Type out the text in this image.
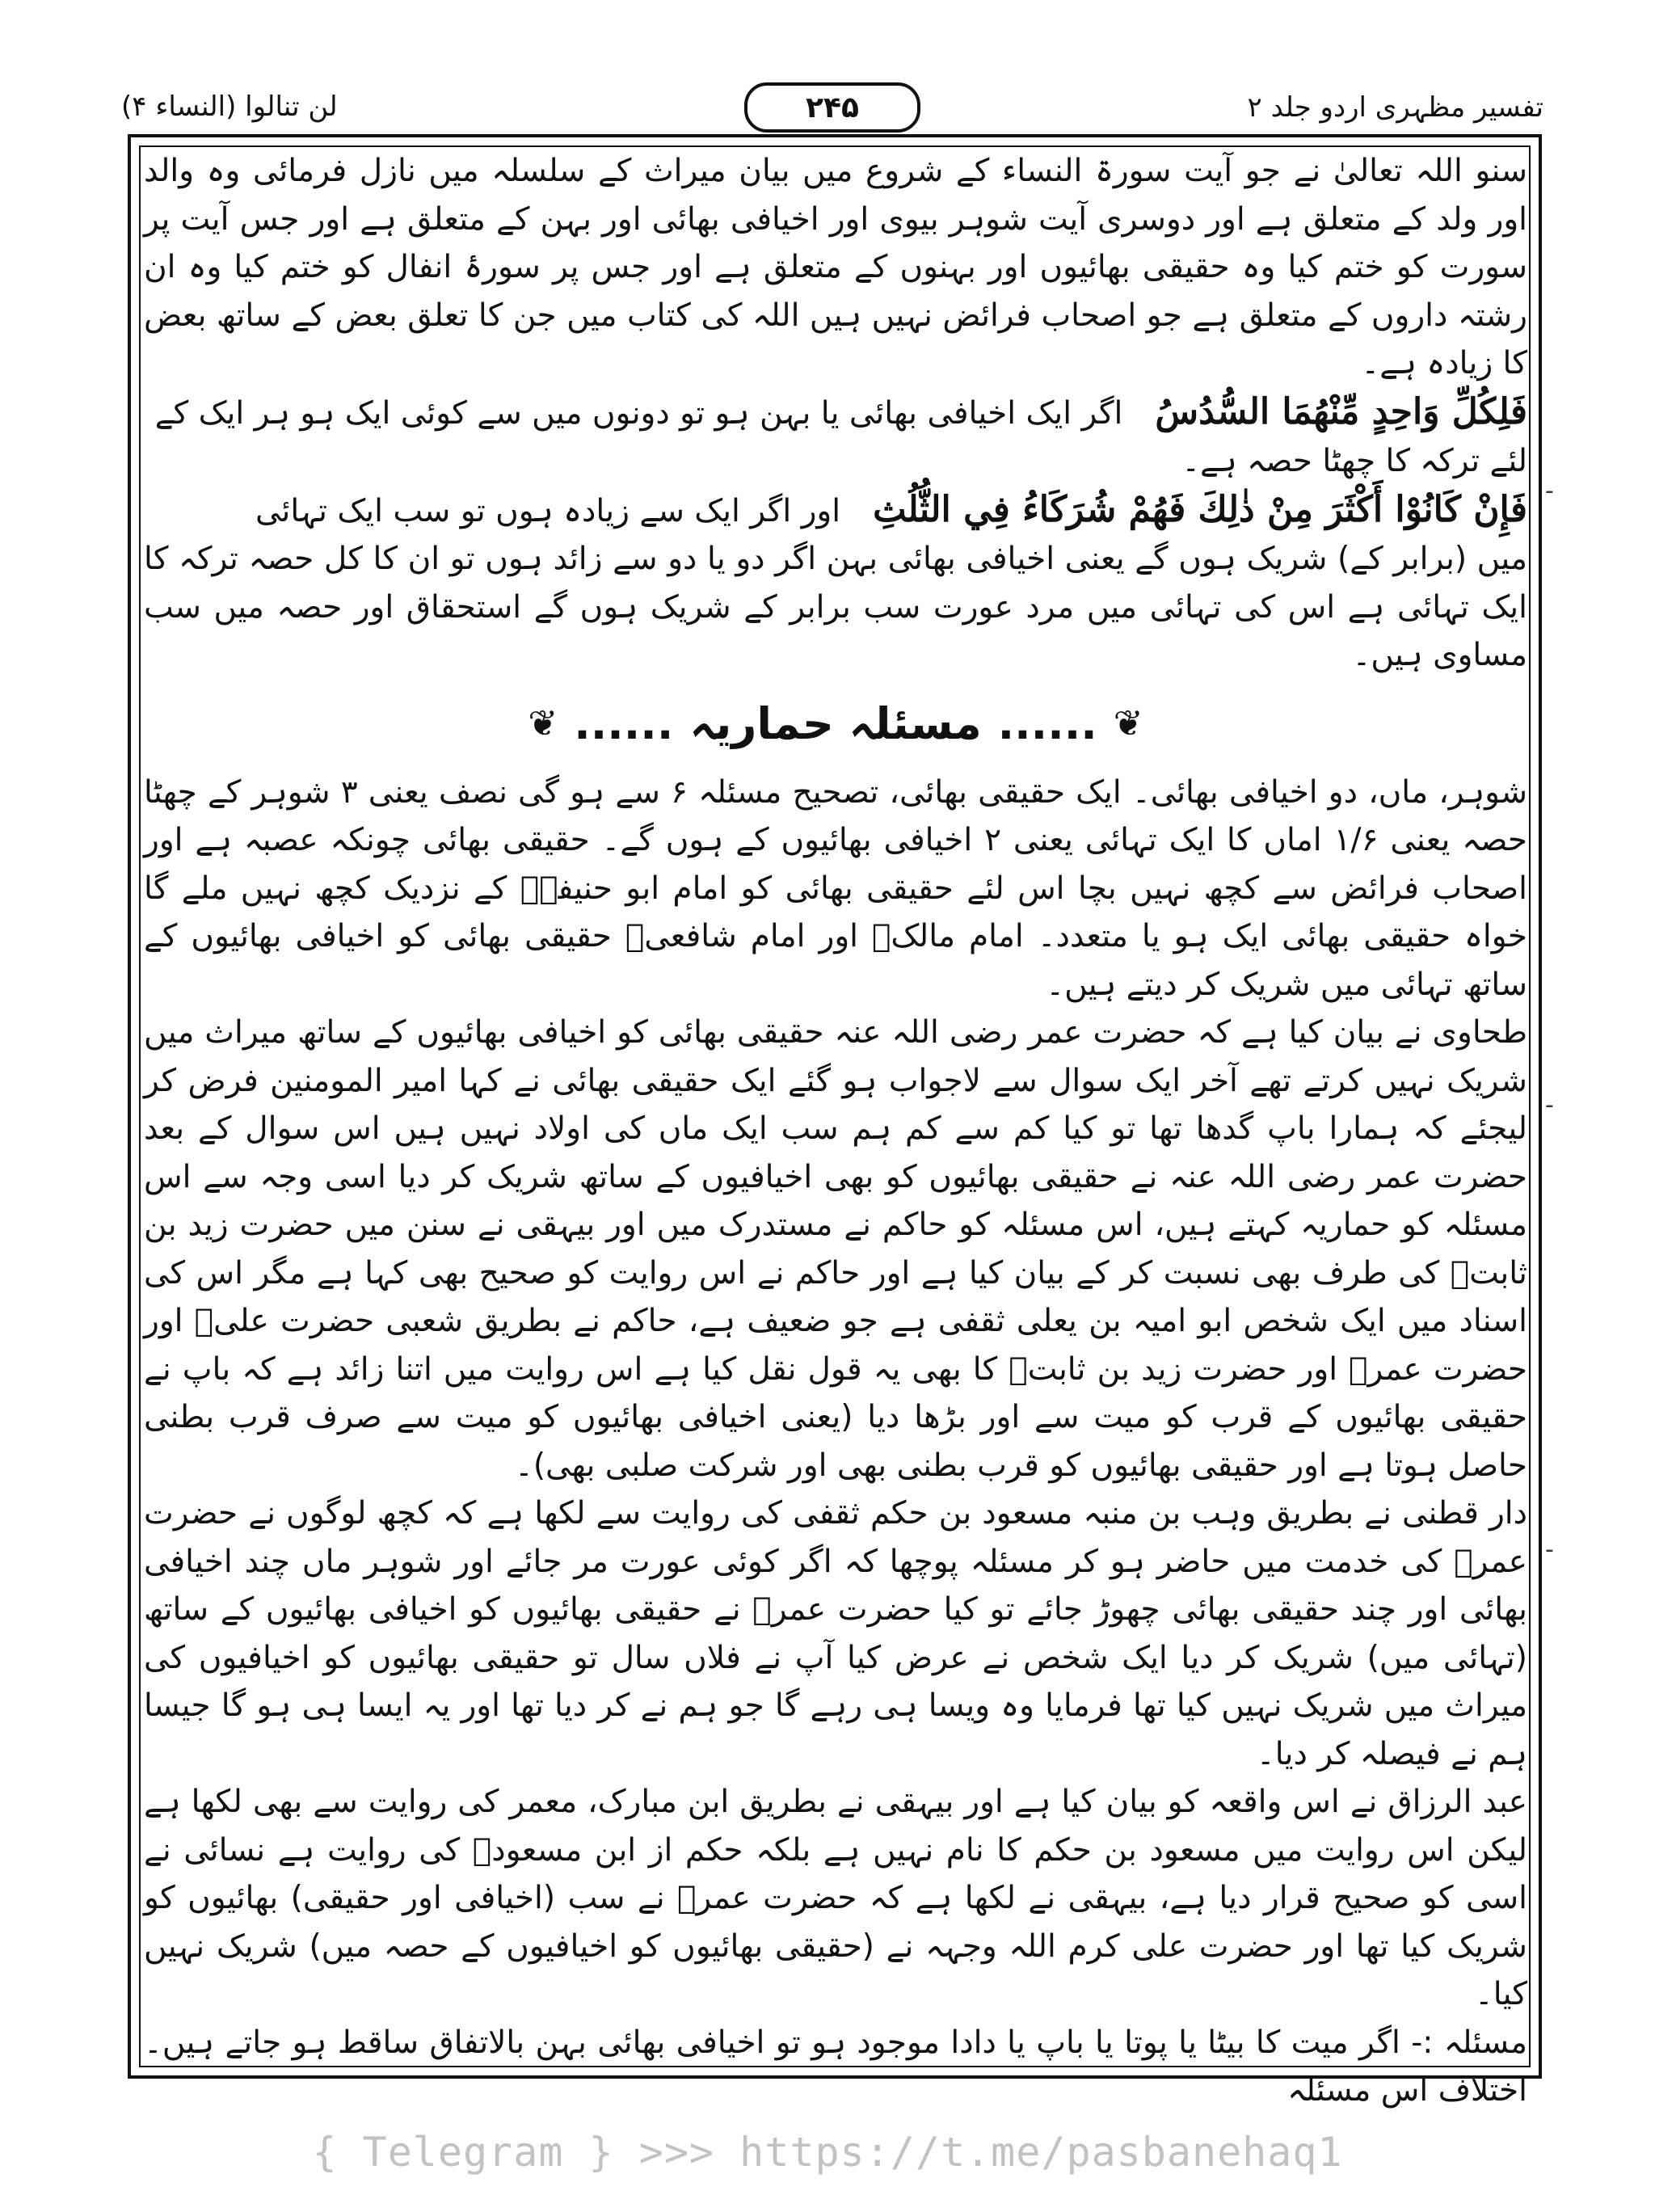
تفسیر مظہری اردو جلد ۲
لن تنالوا (النساء ۴)	۲۴۵

سنو اللہ تعالیٰ نے جو آیت سورۃ النساء کے شروع میں بیان میراث کے سلسلہ میں نازل فرمائی وہ والد اور ولد کے متعلق ہے اور دوسری آیت شوہر بیوی اور اخیافی بھائی اور بہن کے متعلق ہے اور جس آیت پر سورت کو ختم کیا وہ حقیقی بھائیوں اور بہنوں کے متعلق ہے اور جس پر سورۂ انفال کو ختم کیا وہ ان رشتہ داروں کے متعلق ہے جو اصحاب فرائض نہیں ہیں اللہ کی کتاب میں جن کا تعلق بعض کے ساتھ بعض کا زیادہ ہے۔

فَلِكُلِّ وَاحِدٍ مِّنْهُمَا السُّدُسُ
اگر ایک اخیافی بھائی یا بہن ہو تو دونوں میں سے کوئی ایک ہو ہر ایک کے

لئے ترکہ کا چھٹا حصہ ہے۔

فَإِنْ كَانُوْا أَكْثَرَ مِنْ ذٰلِكَ فَهُمْ شُرَكَاءُ فِي الثُّلُثِ
اور اگر ایک سے زیادہ ہوں تو سب ایک تہائی

میں (برابر کے) شریک ہوں گے یعنی اخیافی بھائی بہن اگر دو یا دو سے زائد ہوں تو ان کا کل حصہ ترکہ کا ایک تہائی ہے اس کی تہائی میں مرد عورت سب برابر کے شریک ہوں گے استحقاق اور حصہ میں سب مساوی ہیں۔

❦
......
مسئلہ حماریہ
......
❦

شوہر، ماں، دو اخیافی بھائی۔ ایک حقیقی بھائی، تصحیح مسئلہ ۶ سے ہو گی نصف یعنی ۳ شوہر کے چھٹا حصہ یعنی ۱/۶ اماں کا ایک تہائی یعنی ۲ اخیافی بھائیوں کے ہوں گے۔ حقیقی بھائی چونکہ عصبہ ہے اور اصحاب فرائض سے کچھ نہیں بچا اس لئے حقیقی بھائی کو امام ابو حنیفہؒ کے نزدیک کچھ نہیں ملے گا خواہ حقیقی بھائی ایک ہو یا متعدد۔ امام مالکؒ اور امام شافعیؒ حقیقی بھائی کو اخیافی بھائیوں کے ساتھ تہائی میں شریک کر دیتے ہیں۔

طحاوی نے بیان کیا ہے کہ حضرت عمر رضی اللہ عنہ حقیقی بھائی کو اخیافی بھائیوں کے ساتھ میراث میں شریک نہیں کرتے تھے آخر ایک سوال سے لاجواب ہو گئے ایک حقیقی بھائی نے کہا امیر المومنین فرض کر لیجئے کہ ہمارا باپ گدھا تھا تو کیا کم سے کم ہم سب ایک ماں کی اولاد نہیں ہیں اس سوال کے بعد حضرت عمر رضی اللہ عنہ نے حقیقی بھائیوں کو بھی اخیافیوں کے ساتھ شریک کر دیا اسی وجہ سے اس مسئلہ کو حماریہ کہتے ہیں، اس مسئلہ کو حاکم نے مستدرک میں اور بیہقی نے سنن میں حضرت زید بن ثابتؓ کی طرف بھی نسبت کر کے بیان کیا ہے اور حاکم نے اس روایت کو صحیح بھی کہا ہے مگر اس کی اسناد میں ایک شخص ابو امیہ بن یعلی ثقفی ہے جو ضعیف ہے، حاکم نے بطریق شعبی حضرت علیؓ اور حضرت عمرؓ اور حضرت زید بن ثابتؓ کا بھی یہ قول نقل کیا ہے اس روایت میں اتنا زائد ہے کہ باپ نے حقیقی بھائیوں کے قرب کو میت سے اور بڑھا دیا (یعنی اخیافی بھائیوں کو میت سے صرف قرب بطنی حاصل ہوتا ہے اور حقیقی بھائیوں کو قرب بطنی بھی اور شرکت صلبی بھی)۔

دار قطنی نے بطریق وہب بن منبہ مسعود بن حکم ثقفی کی روایت سے لکھا ہے کہ کچھ لوگوں نے حضرت عمرؓ کی خدمت میں حاضر ہو کر مسئلہ پوچھا کہ اگر کوئی عورت مر جائے اور شوہر ماں چند اخیافی بھائی اور چند حقیقی بھائی چھوڑ جائے تو کیا حضرت عمرؓ نے حقیقی بھائیوں کو اخیافی بھائیوں کے ساتھ (تہائی میں) شریک کر دیا ایک شخص نے عرض کیا آپ نے فلاں سال تو حقیقی بھائیوں کو اخیافیوں کی میراث میں شریک نہیں کیا تھا فرمایا وہ ویسا ہی رہے گا جو ہم نے کر دیا تھا اور یہ ایسا ہی ہو گا جیسا ہم نے فیصلہ کر دیا۔

عبد الرزاق نے اس واقعہ کو بیان کیا ہے اور بیہقی نے بطریق ابن مبارک، معمر کی روایت سے بھی لکھا ہے لیکن اس روایت میں مسعود بن حکم کا نام نہیں ہے بلکہ حکم از ابن مسعودؓ کی روایت ہے نسائی نے اسی کو صحیح قرار دیا ہے، بیہقی نے لکھا ہے کہ حضرت عمرؓ نے سب (اخیافی اور حقیقی) بھائیوں کو شریک کیا تھا اور حضرت علی کرم اللہ وجہہ نے (حقیقی بھائیوں کو اخیافیوں کے حصہ میں) شریک نہیں کیا۔

مسئلہ :- اگر میت کا بیٹا یا پوتا یا باپ یا دادا موجود ہو تو اخیافی بھائی بہن بالاتفاق ساقط ہو جاتے ہیں۔ اختلاف اس مسئلہ

-
-
-
{ Telegram } >>> https://t.me/pasbanehaq1
